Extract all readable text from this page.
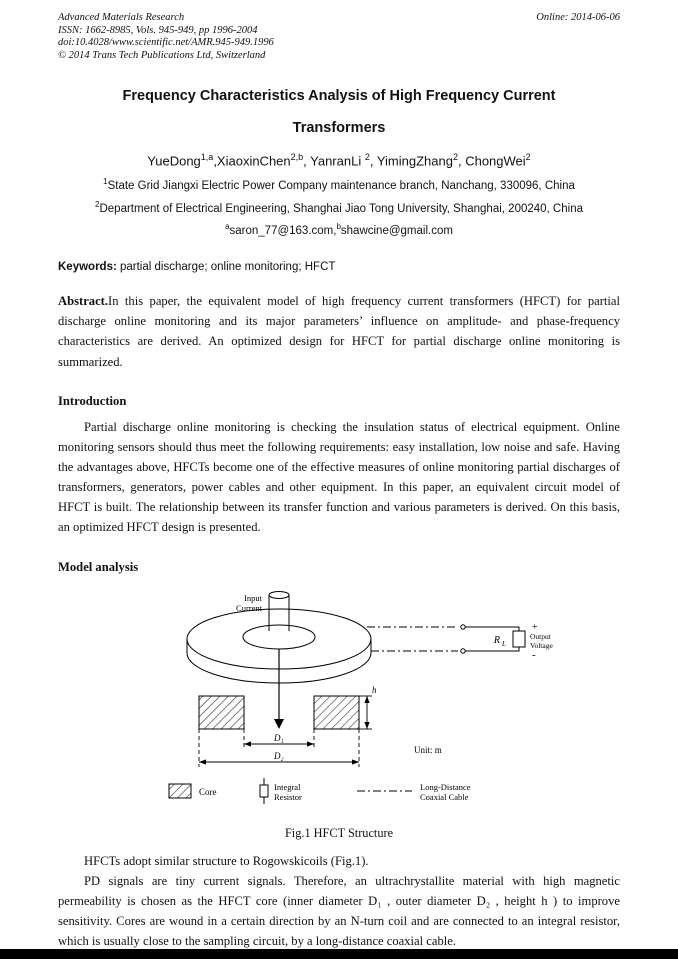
Advanced Materials Research	Online: 2014-06-06
ISSN: 1662-8985, Vols. 945-949, pp 1996-2004
doi:10.4028/www.scientific.net/AMR.945-949.1996
© 2014 Trans Tech Publications Ltd, Switzerland
Frequency Characteristics Analysis of High Frequency Current
Transformers
YueDong$^{1,a}$,XiaoxinChen$^{2,b}$, YanranLi $^2$, YimingZhang$^2$, ChongWei$^2$
$^1$State Grid Jiangxi Electric Power Company maintenance branch, Nanchang, 330096, China
$^2$Department of Electrical Engineering, Shanghai Jiao Tong University, Shanghai, 200240, China
$^a$saron_77@163.com,$^b$shawcine@gmail.com
Keywords: partial discharge; online monitoring; HFCT
Abstract.In this paper, the equivalent model of high frequency current transformers (HFCT) for partial discharge online monitoring and its major parameters’ influence on amplitude- and phase-frequency characteristics are derived. An optimized design for HFCT for partial discharge online monitoring is summarized.
Introduction
Partial discharge online monitoring is checking the insulation status of electrical equipment. Online monitoring sensors should thus meet the following requirements: easy installation, low noise and safe. Having the advantages above, HFCTs become one of the effective measures of online monitoring partial discharges of transformers, generators, power cables and other equipment. In this paper, an equivalent circuit model of HFCT is built. The relationship between its transfer function and various parameters is derived. On this basis, an optimized HFCT design is presented.
Model analysis
Input
Current
R L
+
Output
Voltage
-
h
D₁
D₂
Unit: m
Core	Integral
Resistor
Long-Distance
Coaxial Cable
Fig.1 HFCT Structure
HFCTs adopt similar structure to Rogowskicoils (Fig.1).
PD signals are tiny current signals. Therefore, an ultrachrystallite material with high magnetic permeability is chosen as the HFCT core (inner diameter D₁ , outer diameter D₂ , height h ) to improve sensitivity. Cores are wound in a certain direction by an N-turn coil and are connected to an integral resistor, which is usually close to the sampling circuit, by a long-distance coaxial cable.
